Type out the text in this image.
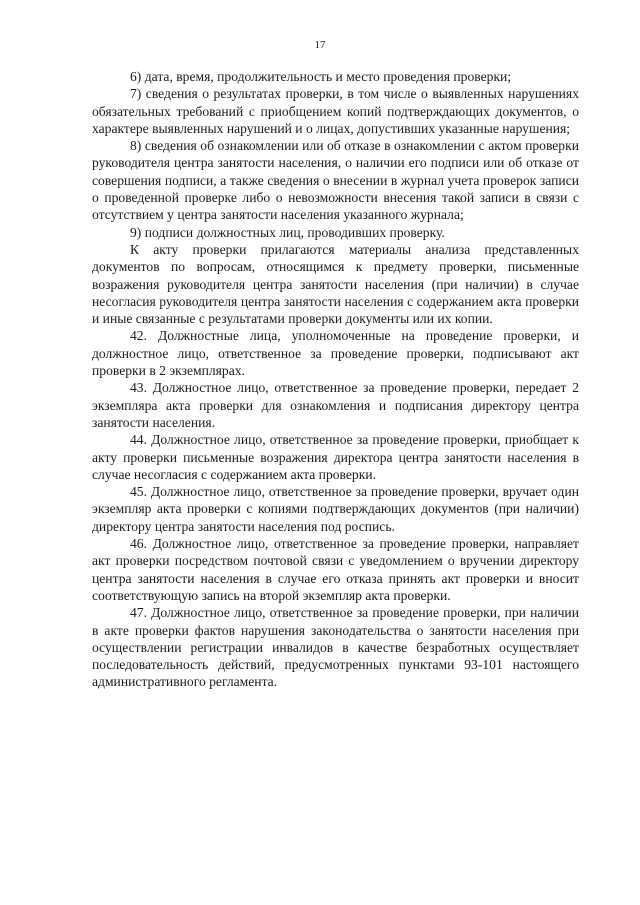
17

6) дата, время, продолжительность и место проведения проверки;

7) сведения о результатах проверки, в том числе о выявленных нарушениях обязательных требований с приобщением копий подтверждающих документов, о характере выявленных нарушений и о лицах, допустивших указанные нарушения;

8) сведения об ознакомлении или об отказе в ознакомлении с актом проверки руководителя центра занятости населения, о наличии его подписи или об отказе от совершения подписи, а также сведения о внесении в журнал учета проверок записи о проведенной проверке либо о невозможности внесения такой записи в связи с отсутствием у центра занятости населения указанного журнала;

9) подписи должностных лиц, проводивших проверку.

К акту проверки прилагаются материалы анализа представленных документов по вопросам, относящимся к предмету проверки, письменные возражения руководителя центра занятости населения (при наличии) в случае несогласия руководителя центра занятости населения с содержанием акта проверки и иные связанные с результатами проверки документы или их копии.

42. Должностные лица, уполномоченные на проведение проверки, и должностное лицо, ответственное за проведение проверки, подписывают акт проверки в 2 экземплярах.

43. Должностное лицо, ответственное за проведение проверки, передает 2 экземпляра акта проверки для ознакомления и подписания директору центра занятости населения.

44. Должностное лицо, ответственное за проведение проверки, приобщает к акту проверки письменные возражения директора центра занятости населения в случае несогласия с содержанием акта проверки.

45. Должностное лицо, ответственное за проведение проверки, вручает один экземпляр акта проверки с копиями подтверждающих документов (при наличии) директору центра занятости населения под роспись.

46. Должностное лицо, ответственное за проведение проверки, направляет акт проверки посредством почтовой связи с уведомлением о вручении директору центра занятости населения в случае его отказа принять акт проверки и вносит соответствующую запись на второй экземпляр акта проверки.

47. Должностное лицо, ответственное за проведение проверки, при наличии в акте проверки фактов нарушения законодательства о занятости населения при осуществлении регистрации инвалидов в качестве безработных осуществляет последовательность действий, предусмотренных пунктами 93-101 настоящего административного регламента.
